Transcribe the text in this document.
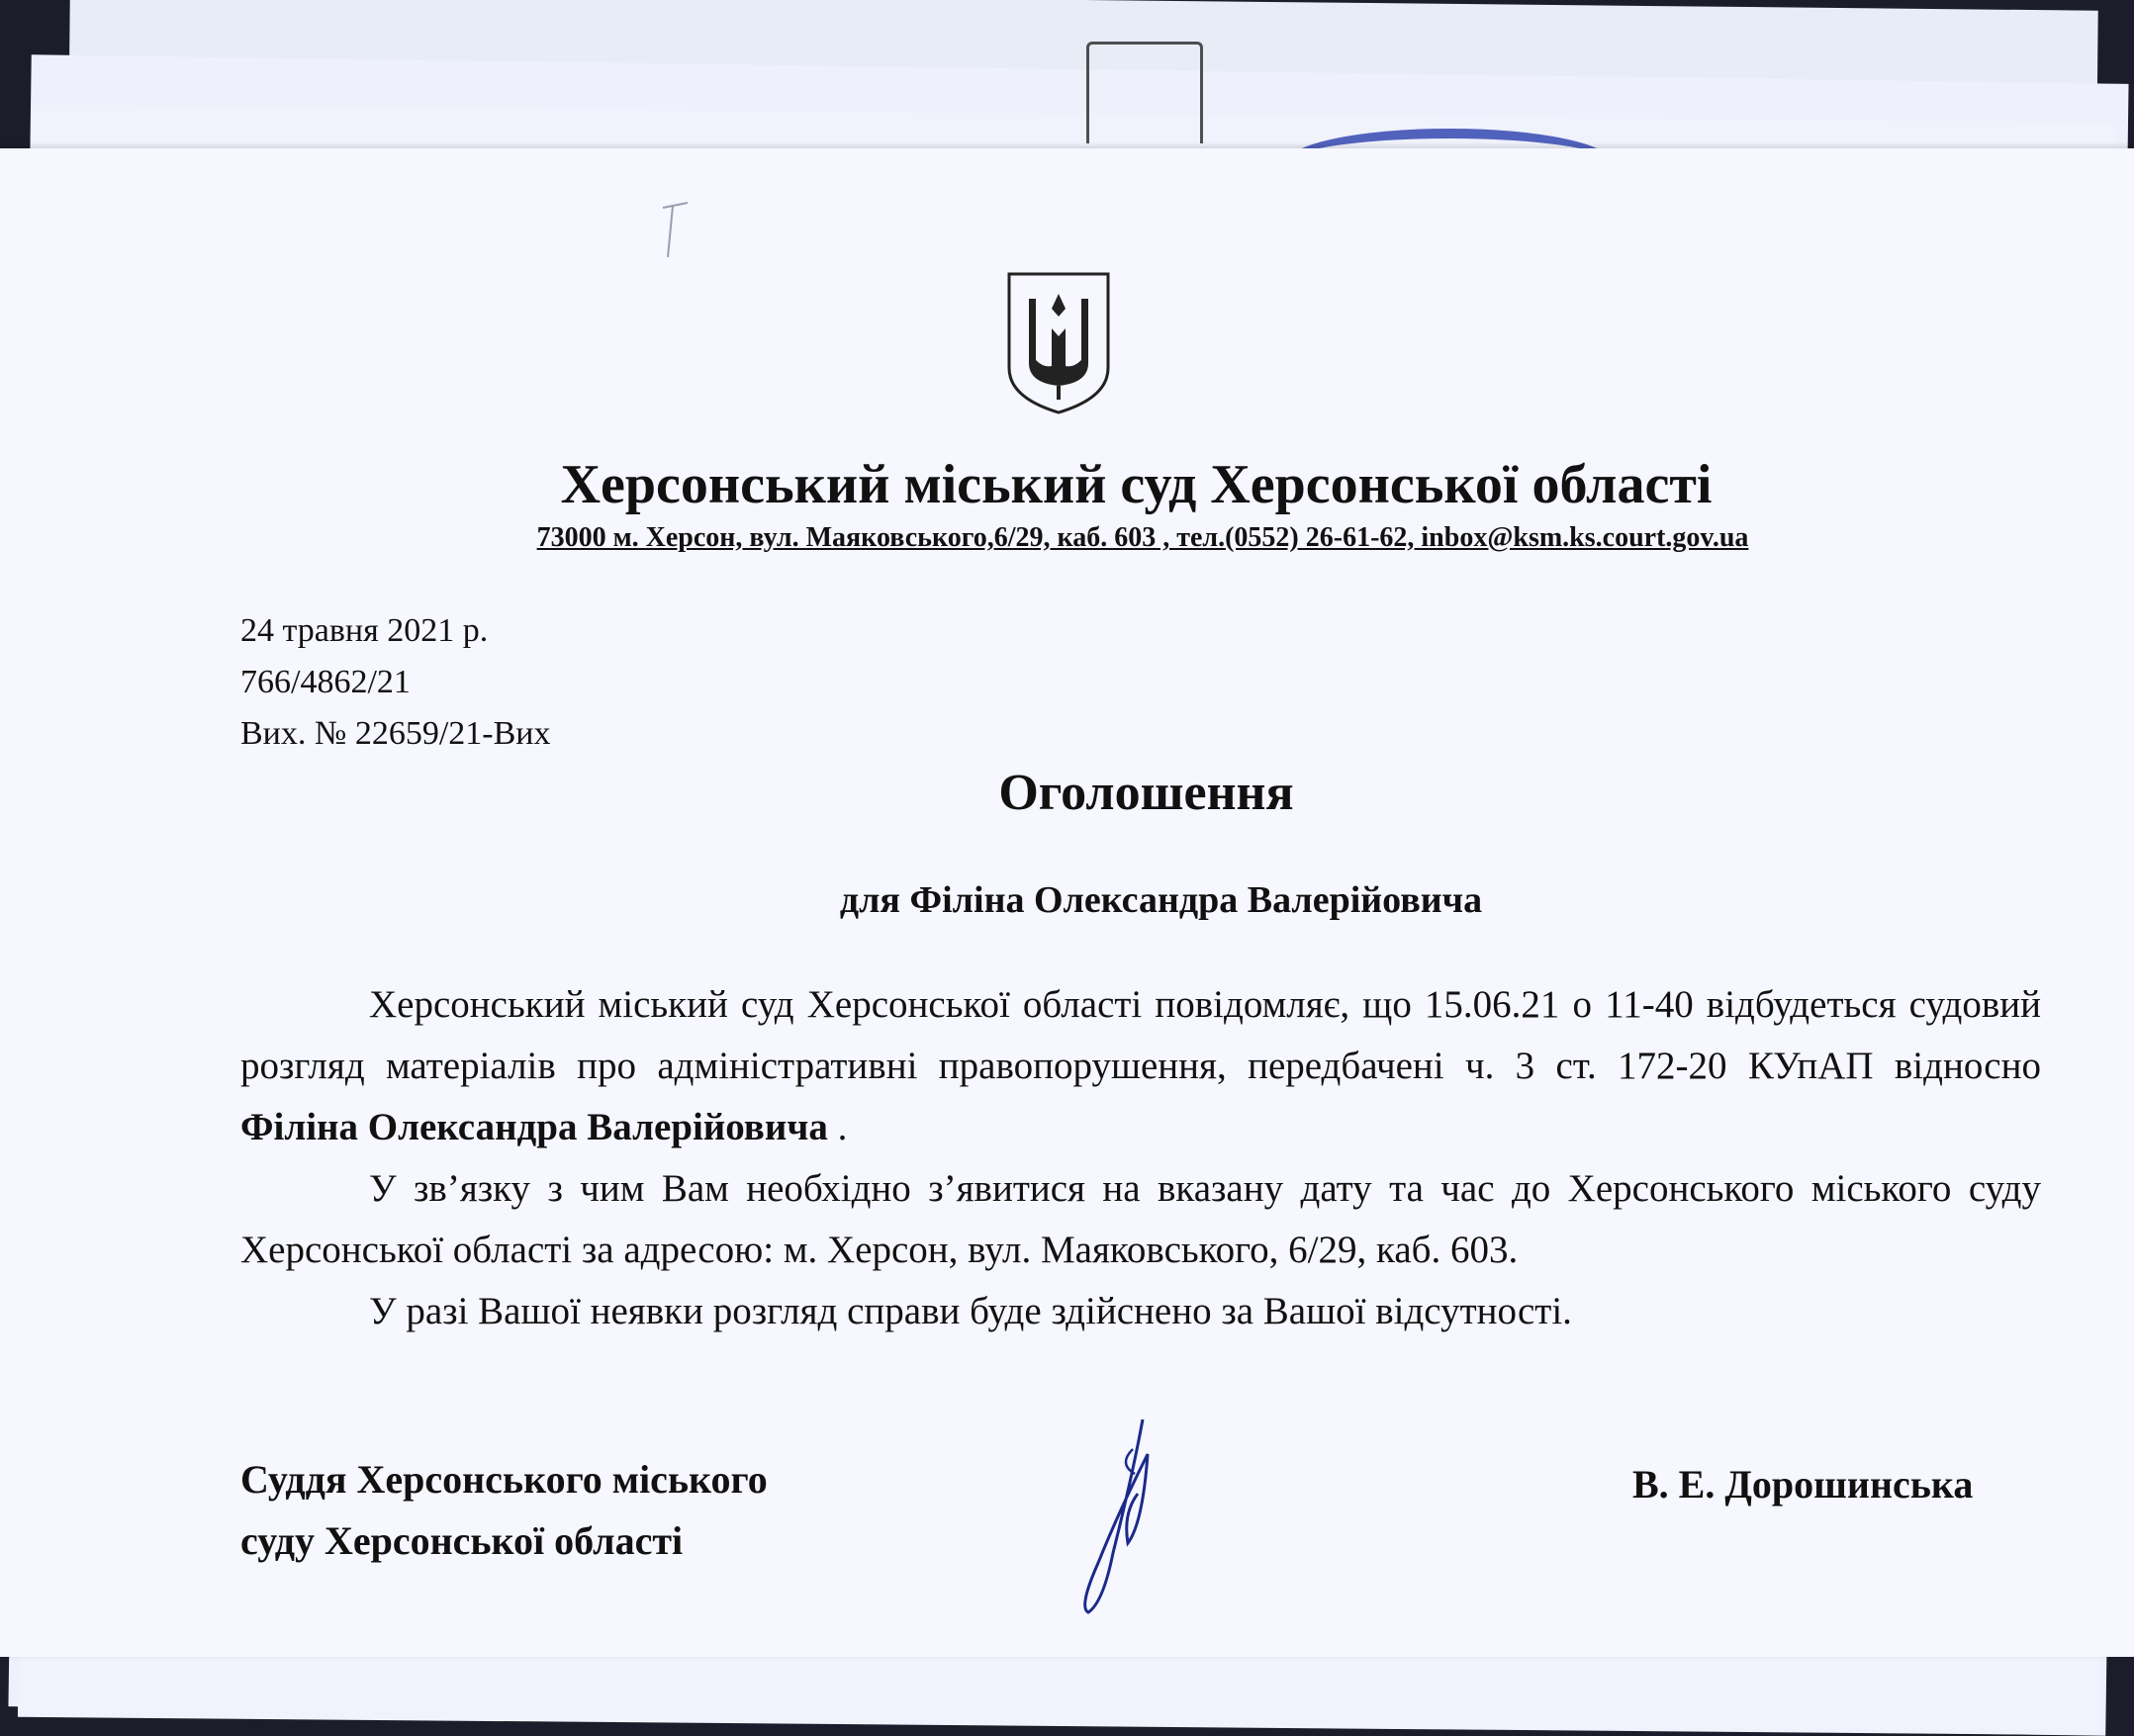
Херсонський міський суд Херсонської області
73000 м. Херсон, вул. Маяковського,6/29, каб. 603 , тел.(0552) 26-61-62, inbox@ksm.ks.court.gov.ua
24 травня 2021 р.
766/4862/21
Вих. № 22659/21-Вих
Оголошення
для Філіна Олександра Валерійовича

Херсонський міський суд Херсонської області повідомляє, що 15.06.21 о 11-40 відбудеться судовий розгляд матеріалів про адміністративні правопорушення, передбачені ч. 3 ст. 172-20 КУпАП відносно Філіна Олександра Валерійовича .

У зв’язку з чим Вам необхідно з’явитися на вказану дату та час до Херсонського міського суду Херсонської області за адресою: м. Херсон, вул. Маяковського, 6/29, каб. 603.

У разі Вашої неявки розгляд справи буде здійснено за Вашої відсутності.

Суддя Херсонського міського
суду Херсонської області
В. Е. Дорошинська
